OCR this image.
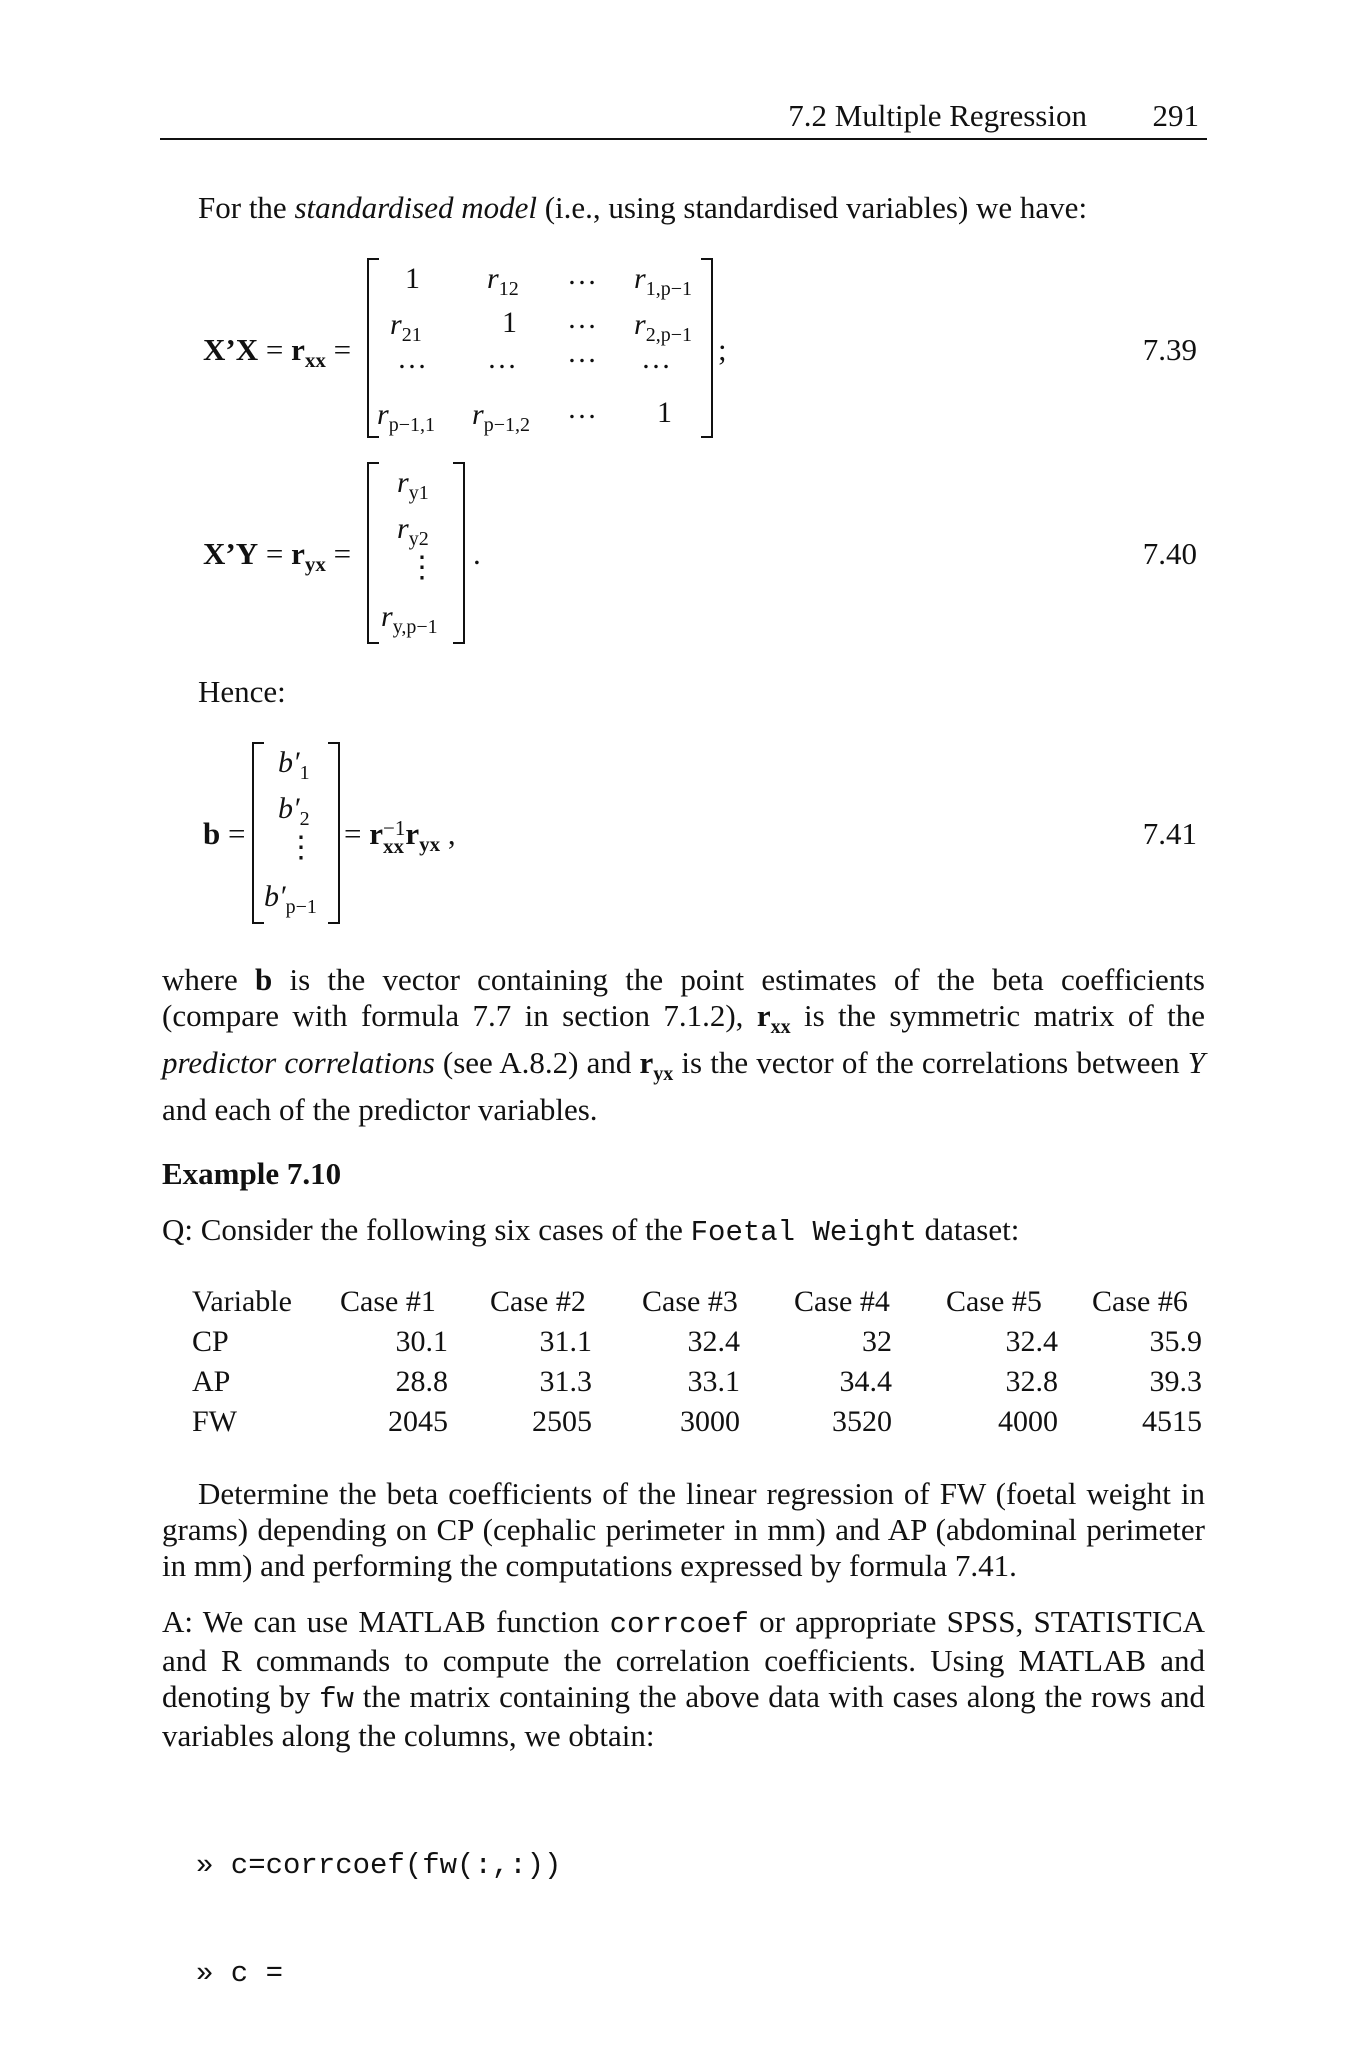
7.2 Multiple Regression 291
For the standardised model (i.e., using standardised variables) we have:
X’X = $r_{xx}$ =
1 $r_{12}$ … $r_{1,p-1}$
$r_{21}$	1 … $r_{2,p-1}$
… … … …
$r_{p-1,1}$ $r_{p-1,2}$ … 1
;	7.39
X’Y = $r_{yx}$ =
$r_{y1}$
$r_{y2}$
⋮
$r_{y,p-1}$
.	7.40
Hence:
b =
$b'_1$
$b'_2$
⋮
$b'_{p-1}$
= r −1
xx $r_{yx}$ ,	7.41
where b is the vector containing the point estimates of the beta coefficients (compare with formula 7.7 in section 7.1.2), $r_{xx}$ is the symmetric matrix of the predictor correlations (see A.8.2) and $r_{yx}$ is the vector of the correlations between Y and each of the predictor variables.
Example 7.10
Q: Consider the following six cases of the Foetal Weight dataset:
Variable	Case #1	Case #2	Case #3	Case #4	Case #5	Case #6
CP	30.1	31.1	32.4	32	32.4	35.9
AP	28.8	31.3	33.1	34.4	32.8	39.3
FW	2045	2505	3000	3520	4000	4515
Determine the beta coefficients of the linear regression of FW (foetal weight in grams) depending on CP (cephalic perimeter in mm) and AP (abdominal perimeter in mm) and performing the computations expressed by formula 7.41.
A: We can use MATLAB function corrcoef or appropriate SPSS, STATISTICA and R commands to compute the correlation coefficients. Using MATLAB and denoting by fw the matrix containing the above data with cases along the rows and variables along the columns, we obtain:

» c=corrcoef(fw(:,:))

» c =
